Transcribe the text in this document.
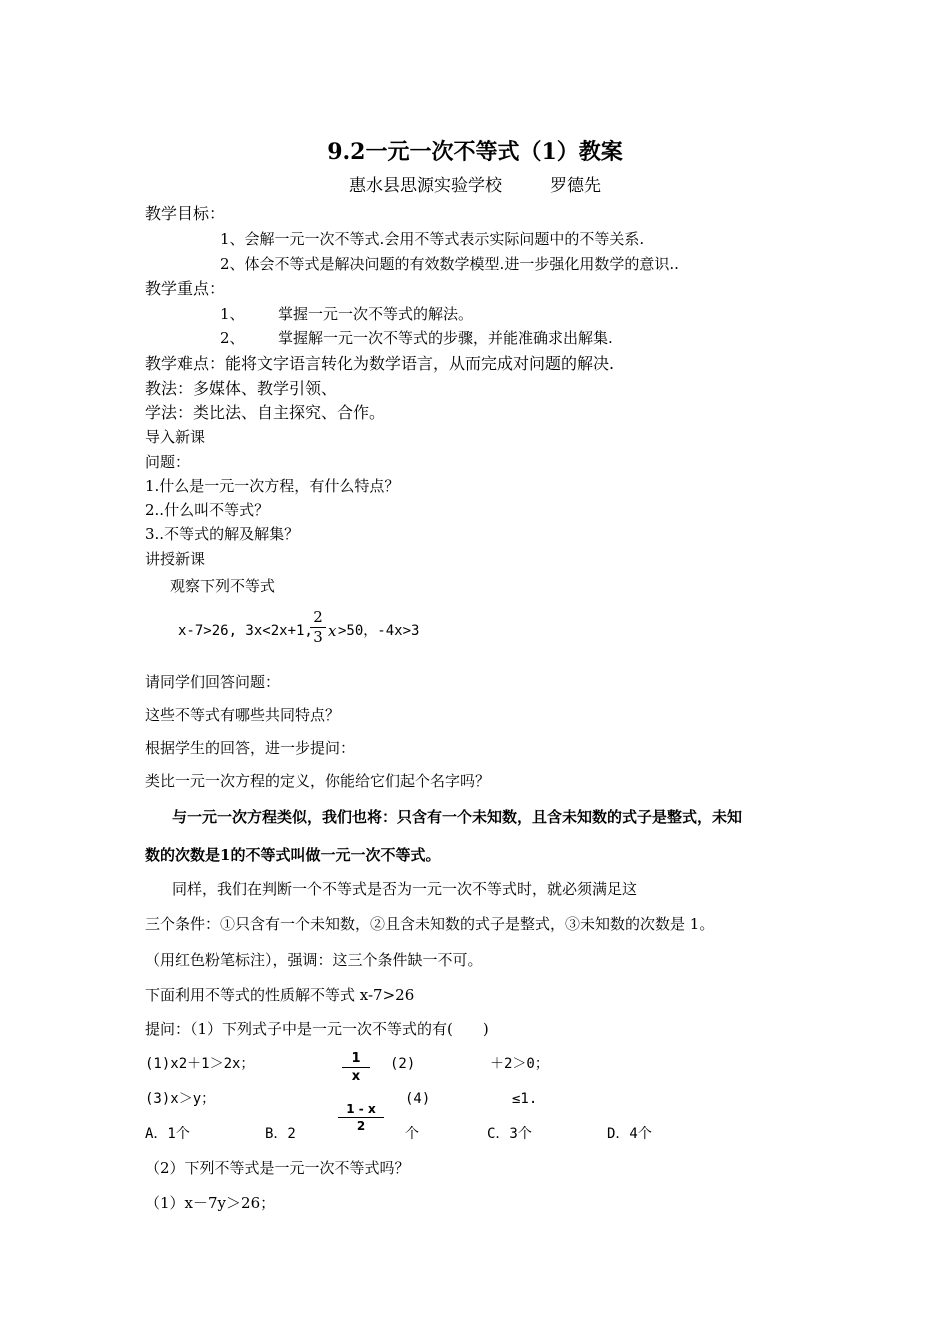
9.2一元一次不等式（1）教案
惠水县思源实验学校	罗德先
教学目标：
1、会解一元一次不等式.会用不等式表示实际问题中的不等关系.
2、体会不等式是解决问题的有效数学模型.进一步强化用数学的意识..
教学重点：
1、 掌握一元一次不等式的解法。
2、 掌握解一元一次不等式的步骤，并能准确求出解集.
教学难点：能将文字语言转化为数学语言，从而完成对问题的解决.
教法：多媒体、教学引领、
学法：类比法、自主探究、合作。
导入新课
问题：
1.什么是一元一次方程，有什么特点？
2..什么叫不等式？
3..不等式的解及解集？
讲授新课
观察下列不等式
x-7>26, 3x<2x+1,
2
3 x >50，-4x>3
请同学们回答问题：
这些不等式有哪些共同特点？
根据学生的回答，进一步提问：
类比一元一次方程的定义，你能给它们起个名字吗？
与一元一次方程类似，我们也将：只含有一个未知数，且含未知数的式子是整式，未知
数的次数是1的不等式叫做一元一次不等式。
同样，我们在判断一个不等式是否为一元一次不等式时，就必须满足这
三个条件：①只含有一个未知数，②且含未知数的式子是整式，③未知数的次数是 1。
（用红色粉笔标注），强调：这三个条件缺一不可。
下面利用不等式的性质解不等式 x-7>26
提问：（1）下列式子中是一元一次不等式的有(　　)
(1)x2＋1＞2x；	1
x
(2)	＋2＞0；
(3)x＞y；
1 - x
2
(4)	≤1.
A．1个	B．2	个	C．3个	D．4个
（2）下列不等式是一元一次不等式吗？
（1）x－7y＞26；
